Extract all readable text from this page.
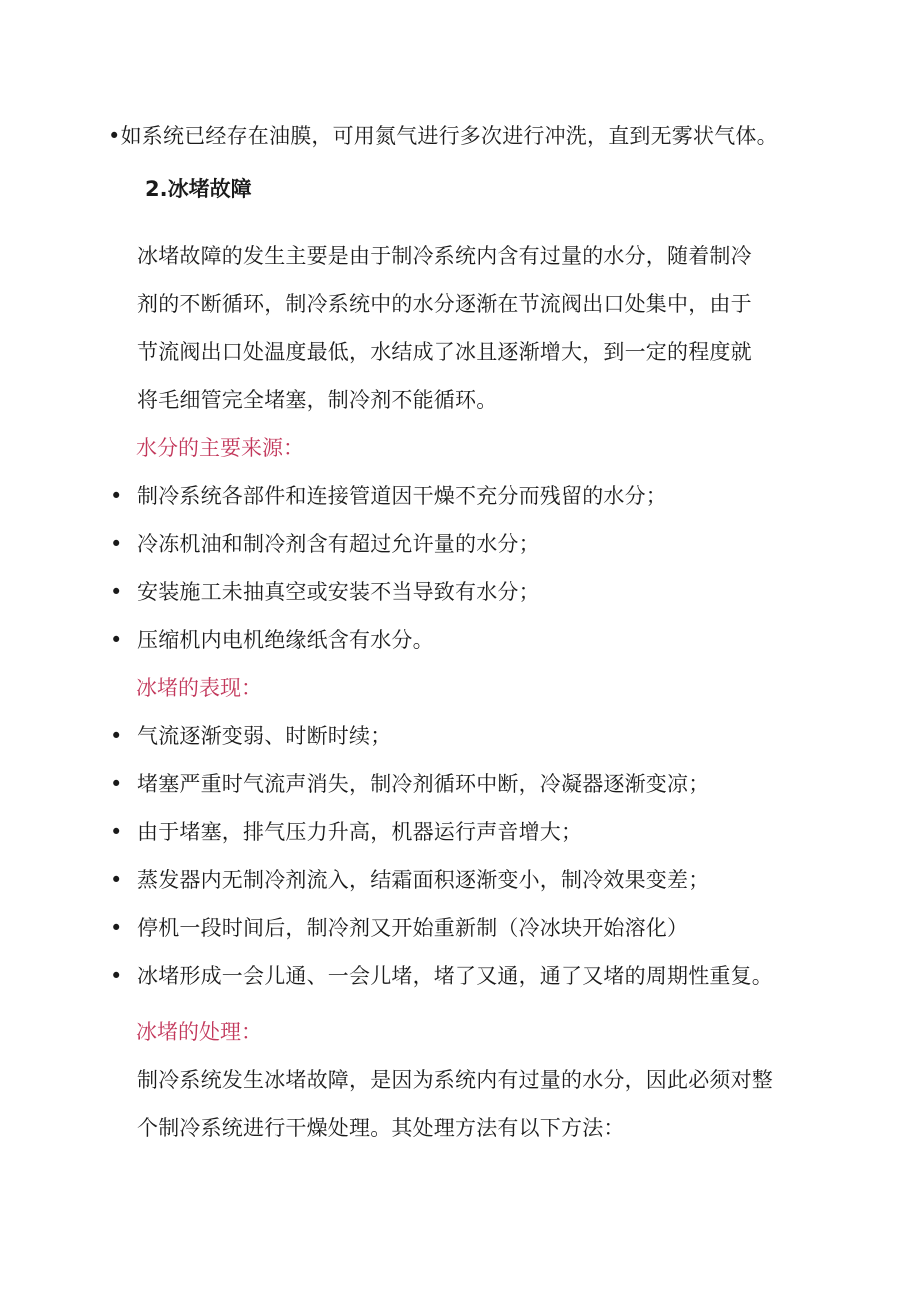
•如系统已经存在油膜，可用氮气进行多次进行冲洗，直到无雾状气体。
2.冰堵故障
冰堵故障的发生主要是由于制冷系统内含有过量的水分，随着制冷
剂的不断循环，制冷系统中的水分逐渐在节流阀出口处集中，由于
节流阀出口处温度最低，水结成了冰且逐渐增大，到一定的程度就
将毛细管完全堵塞，制冷剂不能循环。
水分的主要来源：
• 制冷系统各部件和连接管道因干燥不充分而残留的水分；
• 冷冻机油和制冷剂含有超过允许量的水分；
• 安装施工未抽真空或安装不当导致有水分；
• 压缩机内电机绝缘纸含有水分。
冰堵的表现：
• 气流逐渐变弱、时断时续；
• 堵塞严重时气流声消失，制冷剂循环中断，冷凝器逐渐变凉；
• 由于堵塞，排气压力升高，机器运行声音增大；
• 蒸发器内无制冷剂流入，结霜面积逐渐变小，制冷效果变差；
• 停机一段时间后，制冷剂又开始重新制（冷冰块开始溶化）
• 冰堵形成一会儿通、一会儿堵，堵了又通，通了又堵的周期性重复。
冰堵的处理：
制冷系统发生冰堵故障，是因为系统内有过量的水分，因此必须对整
个制冷系统进行干燥处理。其处理方法有以下方法：
